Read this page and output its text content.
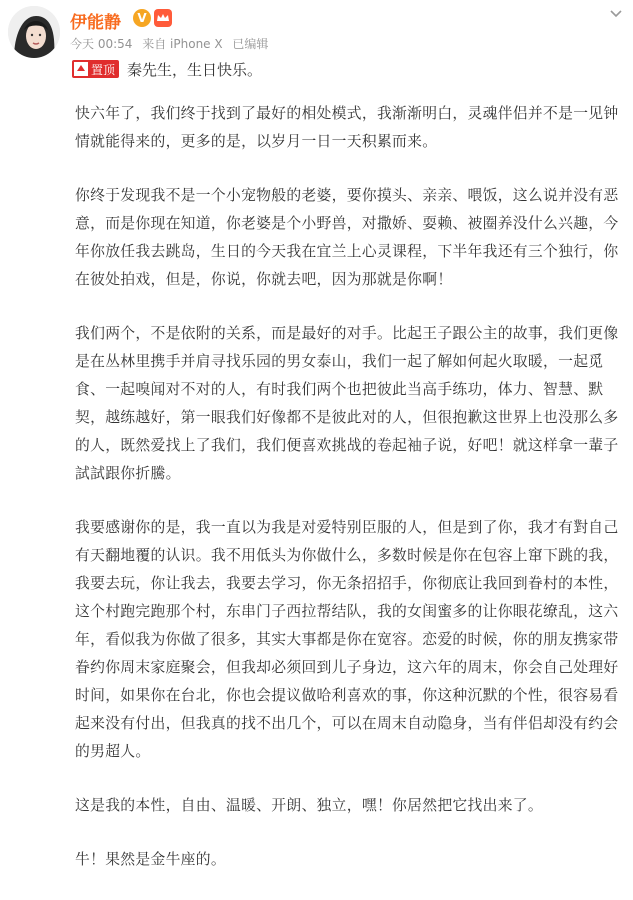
伊能静	V
今天 00:54 来自 iPhone X 已编辑
置顶 秦先生，生日快乐。

快六年了，我们终于找到了最好的相处模式，我渐渐明白，灵魂伴侣并不是一见钟情就能得来的，更多的是，以岁月一日一天积累而来。

你终于发现我不是一个小宠物般的老婆，要你摸头、亲亲、喂饭，这么说并没有恶意，而是你现在知道，你老婆是个小野兽，对撒娇、耍赖、被圈养没什么兴趣，今年你放任我去跳岛，生日的今天我在宜兰上心灵课程，下半年我还有三个独行，你在彼处拍戏，但是，你说，你就去吧，因为那就是你啊！

我们两个，不是依附的关系，而是最好的对手。比起王子跟公主的故事，我们更像是在丛林里携手并肩寻找乐园的男女泰山，我们一起了解如何起火取暖，一起觅食、一起嗅闻对不对的人，有时我们两个也把彼此当高手练功，体力、智慧、默契，越练越好，第一眼我们好像都不是彼此对的人，但很抱歉这世界上也没那么多的人，既然爱找上了我们，我们便喜欢挑战的卷起袖子说，好吧！就这样拿一輩子試試跟你折騰。

我要感谢你的是，我一直以为我是对爱特别臣服的人，但是到了你，我才有對自己有天翻地覆的认识。我不用低头为你做什么，多数时候是你在包容上窜下跳的我，我要去玩，你让我去，我要去学习，你无条招招手，你彻底让我回到眷村的本性，这个村跑完跑那个村，东串门子西拉帮结队，我的女闺蜜多的让你眼花缭乱，这六年，看似我为你做了很多，其实大事都是你在宽容。恋爱的时候，你的朋友携家带眷约你周末家庭聚会，但我却必须回到儿子身边，这六年的周末，你会自己处理好时间，如果你在台北，你也会提议做哈利喜欢的事，你这种沉默的个性，很容易看起来没有付出，但我真的找不出几个，可以在周末自动隐身，当有伴侣却没有约会的男超人。

这是我的本性，自由、温暖、开朗、独立，嘿！你居然把它找出来了。

牛！果然是金牛座的。
